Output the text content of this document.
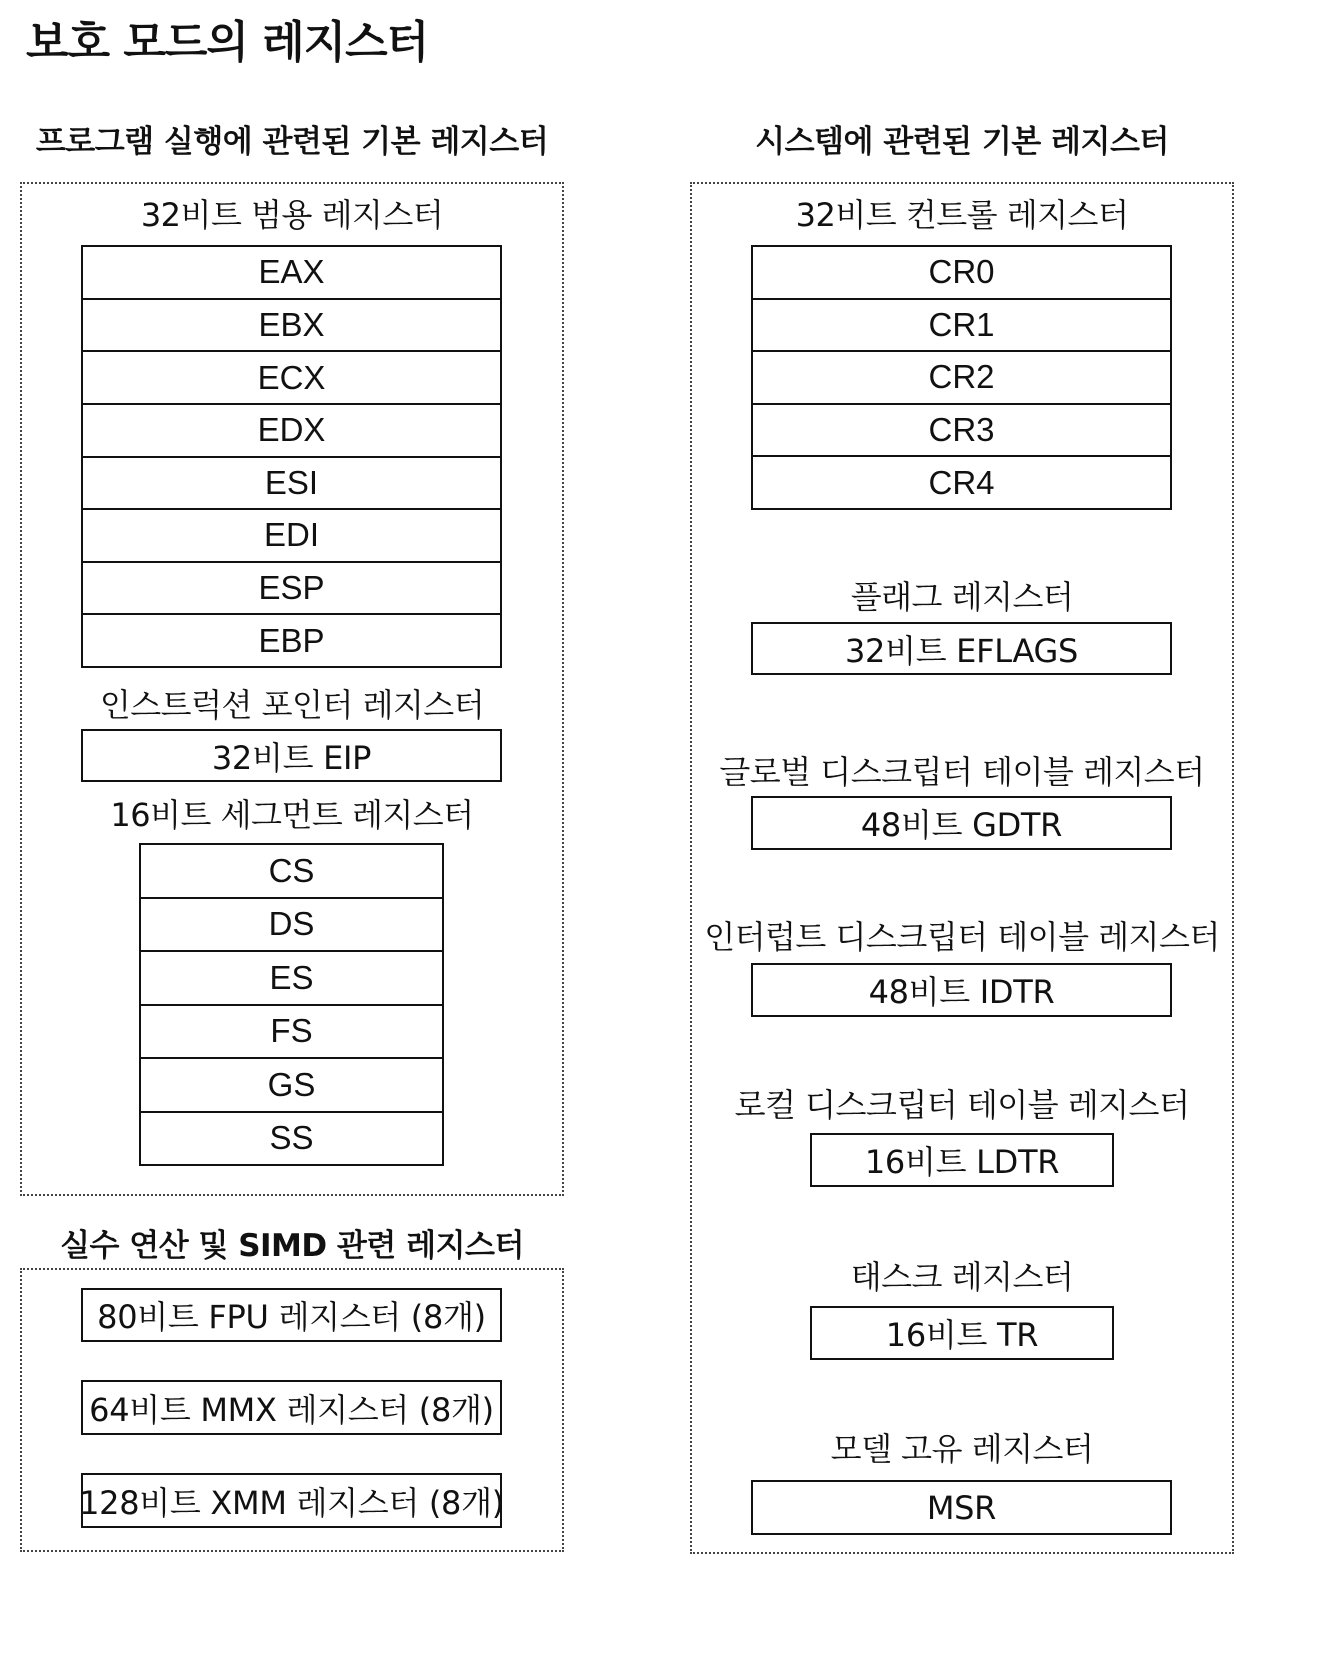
보호 모드의 레지스터
프로그램 실행에 관련된 기본 레지스터
32비트 범용 레지스터
EAX
EBX
ECX
EDX
ESI
EDI
ESP
EBP
인스트럭션 포인터 레지스터
32비트 EIP
16비트 세그먼트 레지스터
CS
DS
ES
FS
GS
SS
실수 연산 및 SIMD 관련 레지스터
80비트 FPU 레지스터 (8개)
64비트 MMX 레지스터 (8개)
128비트 XMM 레지스터 (8개)
시스템에 관련된 기본 레지스터
32비트 컨트롤 레지스터
CR0
CR1
CR2
CR3
CR4
플래그 레지스터
32비트 EFLAGS
글로벌 디스크립터 테이블 레지스터
48비트 GDTR
인터럽트 디스크립터 테이블 레지스터
48비트 IDTR
로컬 디스크립터 테이블 레지스터
16비트 LDTR
태스크 레지스터
16비트 TR
모델 고유 레지스터
MSR
